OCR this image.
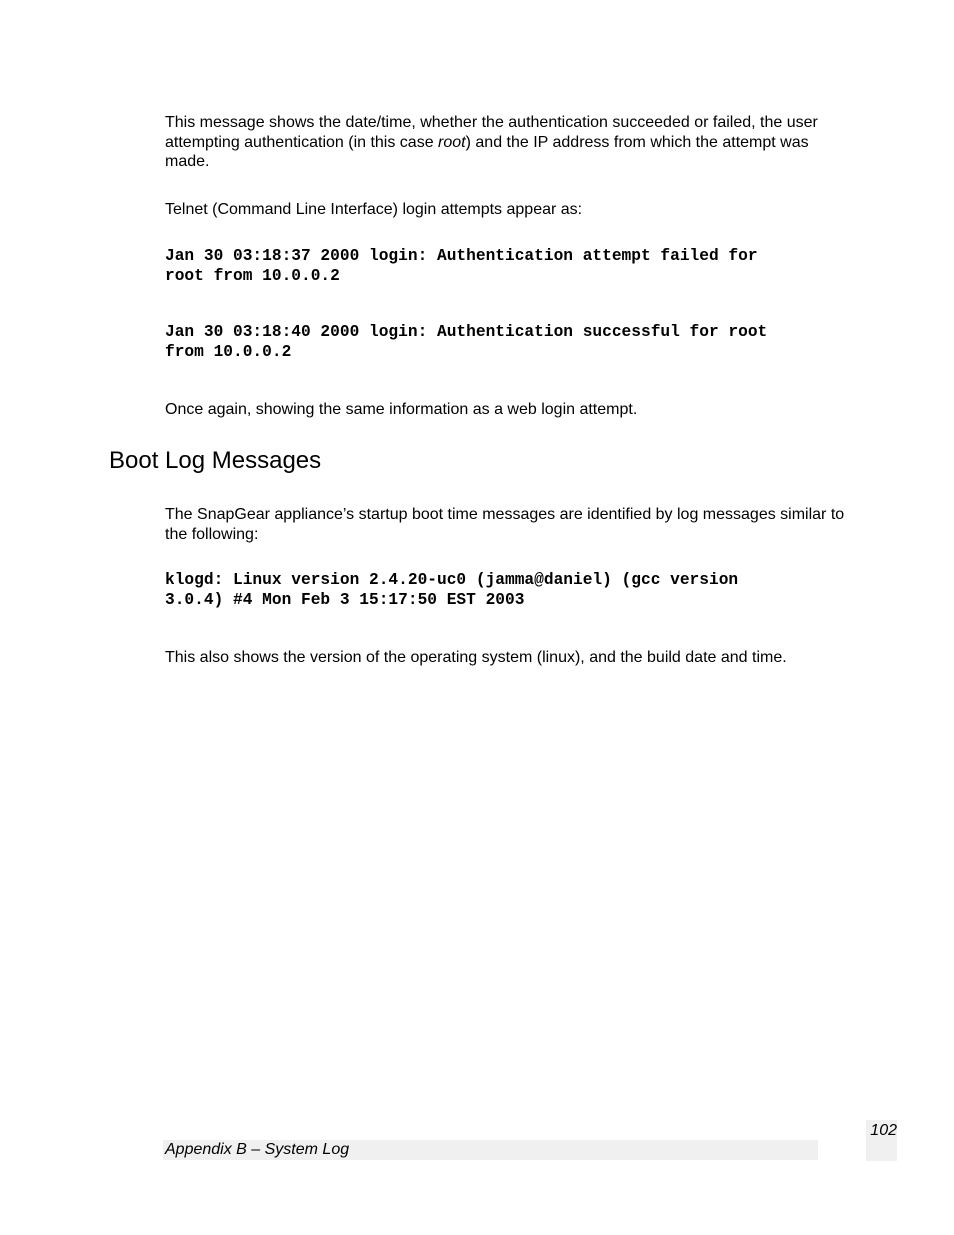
This message shows the date/time, whether the authentication succeeded or failed, the user attempting authentication (in this case root) and the IP address from which the attempt was made.

Telnet (Command Line Interface) login attempts appear as:

Jan 30 03:18:37 2000 login: Authentication attempt failed for
root from 10.0.0.2
Jan 30 03:18:40 2000 login: Authentication successful for root
from 10.0.0.2

Once again, showing the same information as a web login attempt.

Boot Log Messages

The SnapGear appliance’s startup boot time messages are identified by log messages similar to the following:

klogd: Linux version 2.4.20-uc0 (jamma@daniel) (gcc version
3.0.4) #4 Mon Feb 3 15:17:50 EST 2003

This also shows the version of the operating system (linux), and the build date and time.

Appendix B – System Log
102
